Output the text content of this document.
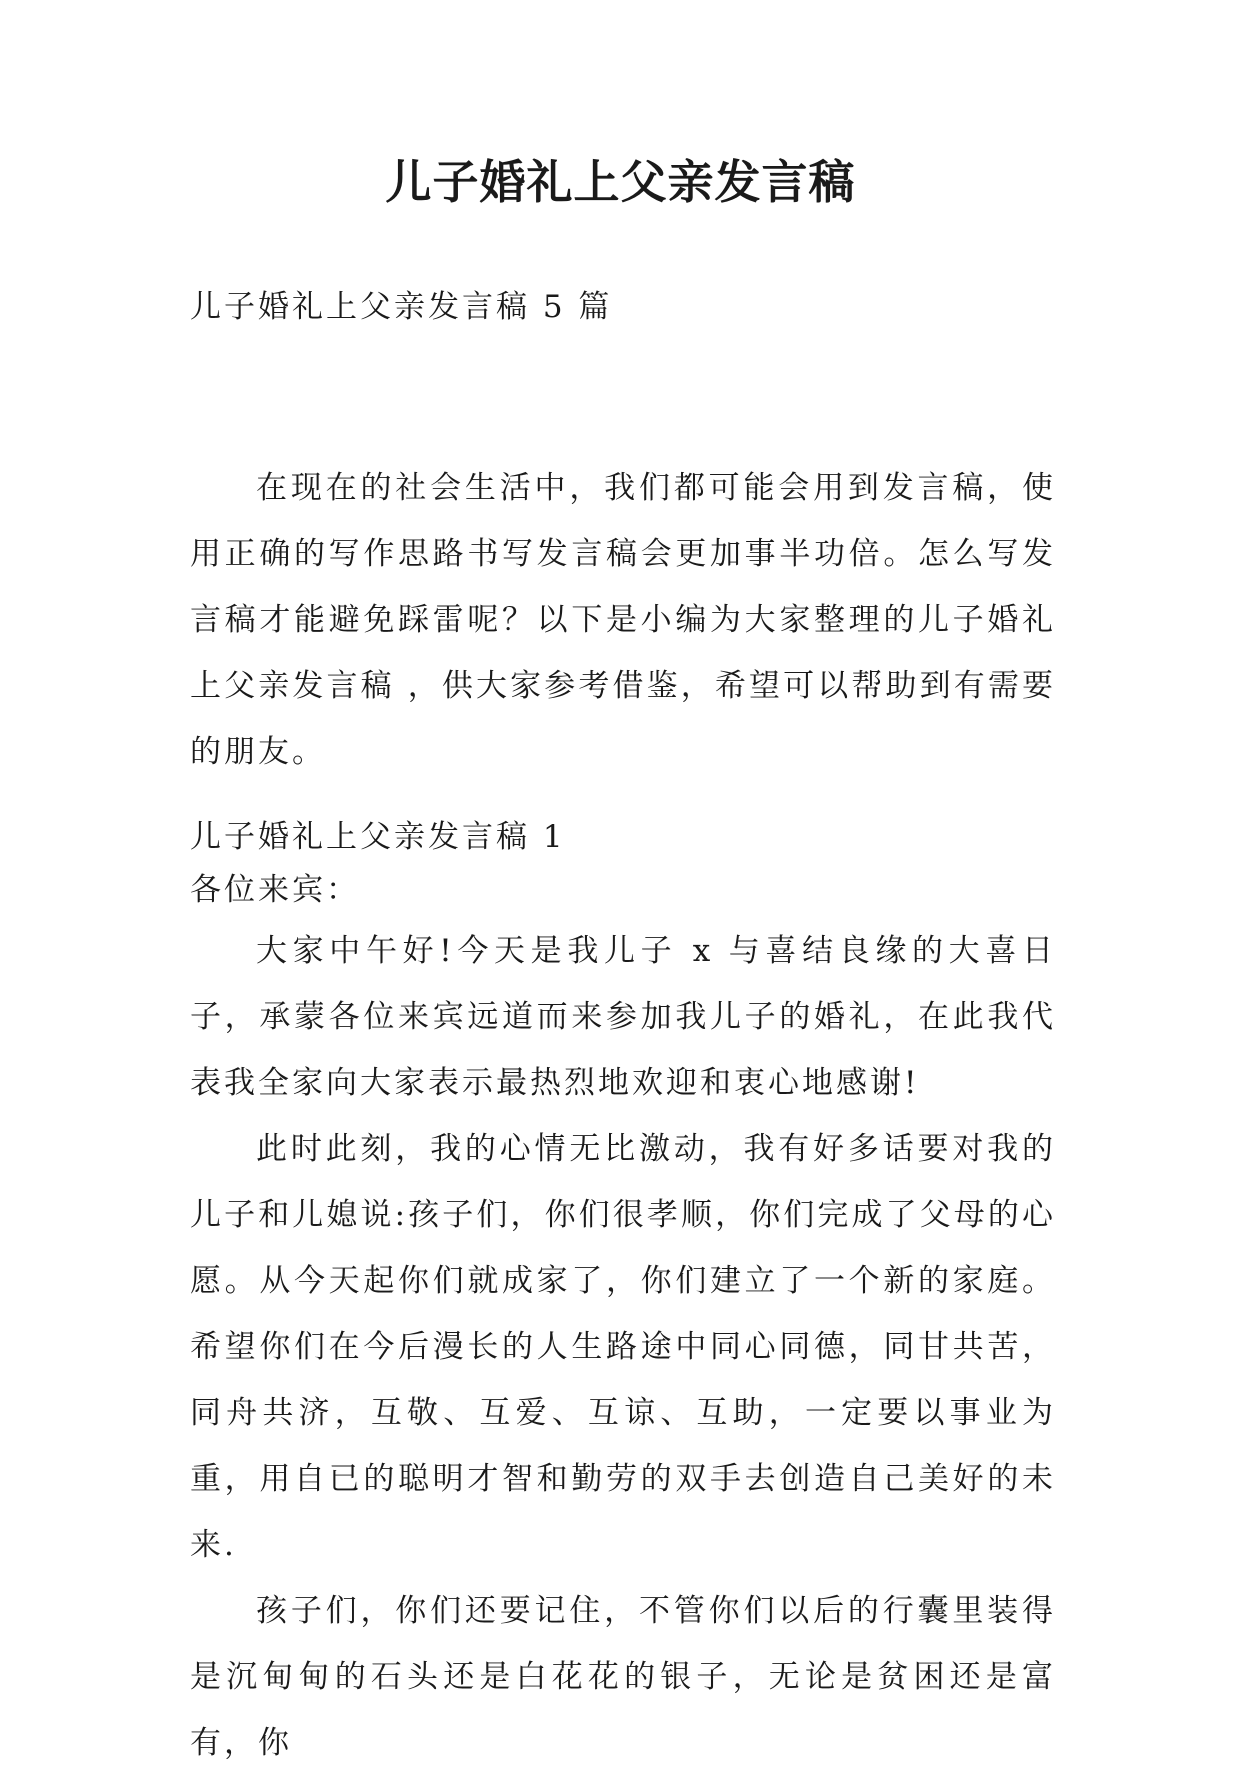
儿子婚礼上父亲发言稿
儿子婚礼上父亲发言稿 5 篇

在现在的社会生活中，我们都可能会用到发言稿，使用正确的写作思路书写发言稿会更加事半功倍。怎么写发言稿才能避免踩雷呢？以下是小编为大家整理的儿子婚礼上父亲发言稿 ，供大家参考借鉴，希望可以帮助到有需要的朋友。

儿子婚礼上父亲发言稿 1
各位来宾：

大家中午好!今天是我儿子 x 与喜结良缘的大喜日子，承蒙各位来宾远道而来参加我儿子的婚礼，在此我代表我全家向大家表示最热烈地欢迎和衷心地感谢!

此时此刻，我的心情无比激动，我有好多话要对我的儿子和儿媳说:孩子们，你们很孝顺，你们完成了父母的心愿。从今天起你们就成家了，你们建立了一个新的家庭。希望你们在今后漫长的人生路途中同心同德，同甘共苦，同舟共济，互敬、互爱、互谅、互助，一定要以事业为重，用自已的聪明才智和勤劳的双手去创造自己美好的未来.

孩子们，你们还要记住，不管你们以后的行囊里装得是沉甸甸的石头还是白花花的银子，无论是贫困还是富有，你
